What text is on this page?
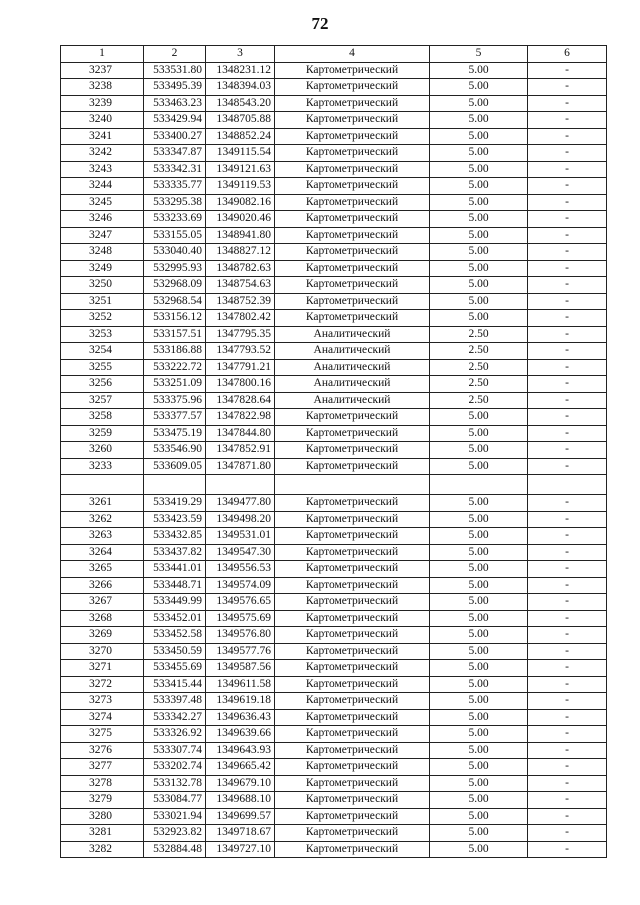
72
1	2	3	4	5	6
3237	533531.80	1348231.12	Картометрический	5.00	-
3238	533495.39	1348394.03	Картометрический	5.00	-
3239	533463.23	1348543.20	Картометрический	5.00	-
3240	533429.94	1348705.88	Картометрический	5.00	-
3241	533400.27	1348852.24	Картометрический	5.00	-
3242	533347.87	1349115.54	Картометрический	5.00	-
3243	533342.31	1349121.63	Картометрический	5.00	-
3244	533335.77	1349119.53	Картометрический	5.00	-
3245	533295.38	1349082.16	Картометрический	5.00	-
3246	533233.69	1349020.46	Картометрический	5.00	-
3247	533155.05	1348941.80	Картометрический	5.00	-
3248	533040.40	1348827.12	Картометрический	5.00	-
3249	532995.93	1348782.63	Картометрический	5.00	-
3250	532968.09	1348754.63	Картометрический	5.00	-
3251	532968.54	1348752.39	Картометрический	5.00	-
3252	533156.12	1347802.42	Картометрический	5.00	-
3253	533157.51	1347795.35	Аналитический	2.50	-
3254	533186.88	1347793.52	Аналитический	2.50	-
3255	533222.72	1347791.21	Аналитический	2.50	-
3256	533251.09	1347800.16	Аналитический	2.50	-
3257	533375.96	1347828.64	Аналитический	2.50	-
3258	533377.57	1347822.98	Картометрический	5.00	-
3259	533475.19	1347844.80	Картометрический	5.00	-
3260	533546.90	1347852.91	Картометрический	5.00	-
3233	533609.05	1347871.80	Картометрический	5.00	-

3261	533419.29	1349477.80	Картометрический	5.00	-
3262	533423.59	1349498.20	Картометрический	5.00	-
3263	533432.85	1349531.01	Картометрический	5.00	-
3264	533437.82	1349547.30	Картометрический	5.00	-
3265	533441.01	1349556.53	Картометрический	5.00	-
3266	533448.71	1349574.09	Картометрический	5.00	-
3267	533449.99	1349576.65	Картометрический	5.00	-
3268	533452.01	1349575.69	Картометрический	5.00	-
3269	533452.58	1349576.80	Картометрический	5.00	-
3270	533450.59	1349577.76	Картометрический	5.00	-
3271	533455.69	1349587.56	Картометрический	5.00	-
3272	533415.44	1349611.58	Картометрический	5.00	-
3273	533397.48	1349619.18	Картометрический	5.00	-
3274	533342.27	1349636.43	Картометрический	5.00	-
3275	533326.92	1349639.66	Картометрический	5.00	-
3276	533307.74	1349643.93	Картометрический	5.00	-
3277	533202.74	1349665.42	Картометрический	5.00	-
3278	533132.78	1349679.10	Картометрический	5.00	-
3279	533084.77	1349688.10	Картометрический	5.00	-
3280	533021.94	1349699.57	Картометрический	5.00	-
3281	532923.82	1349718.67	Картометрический	5.00	-
3282	532884.48	1349727.10	Картометрический	5.00	-
